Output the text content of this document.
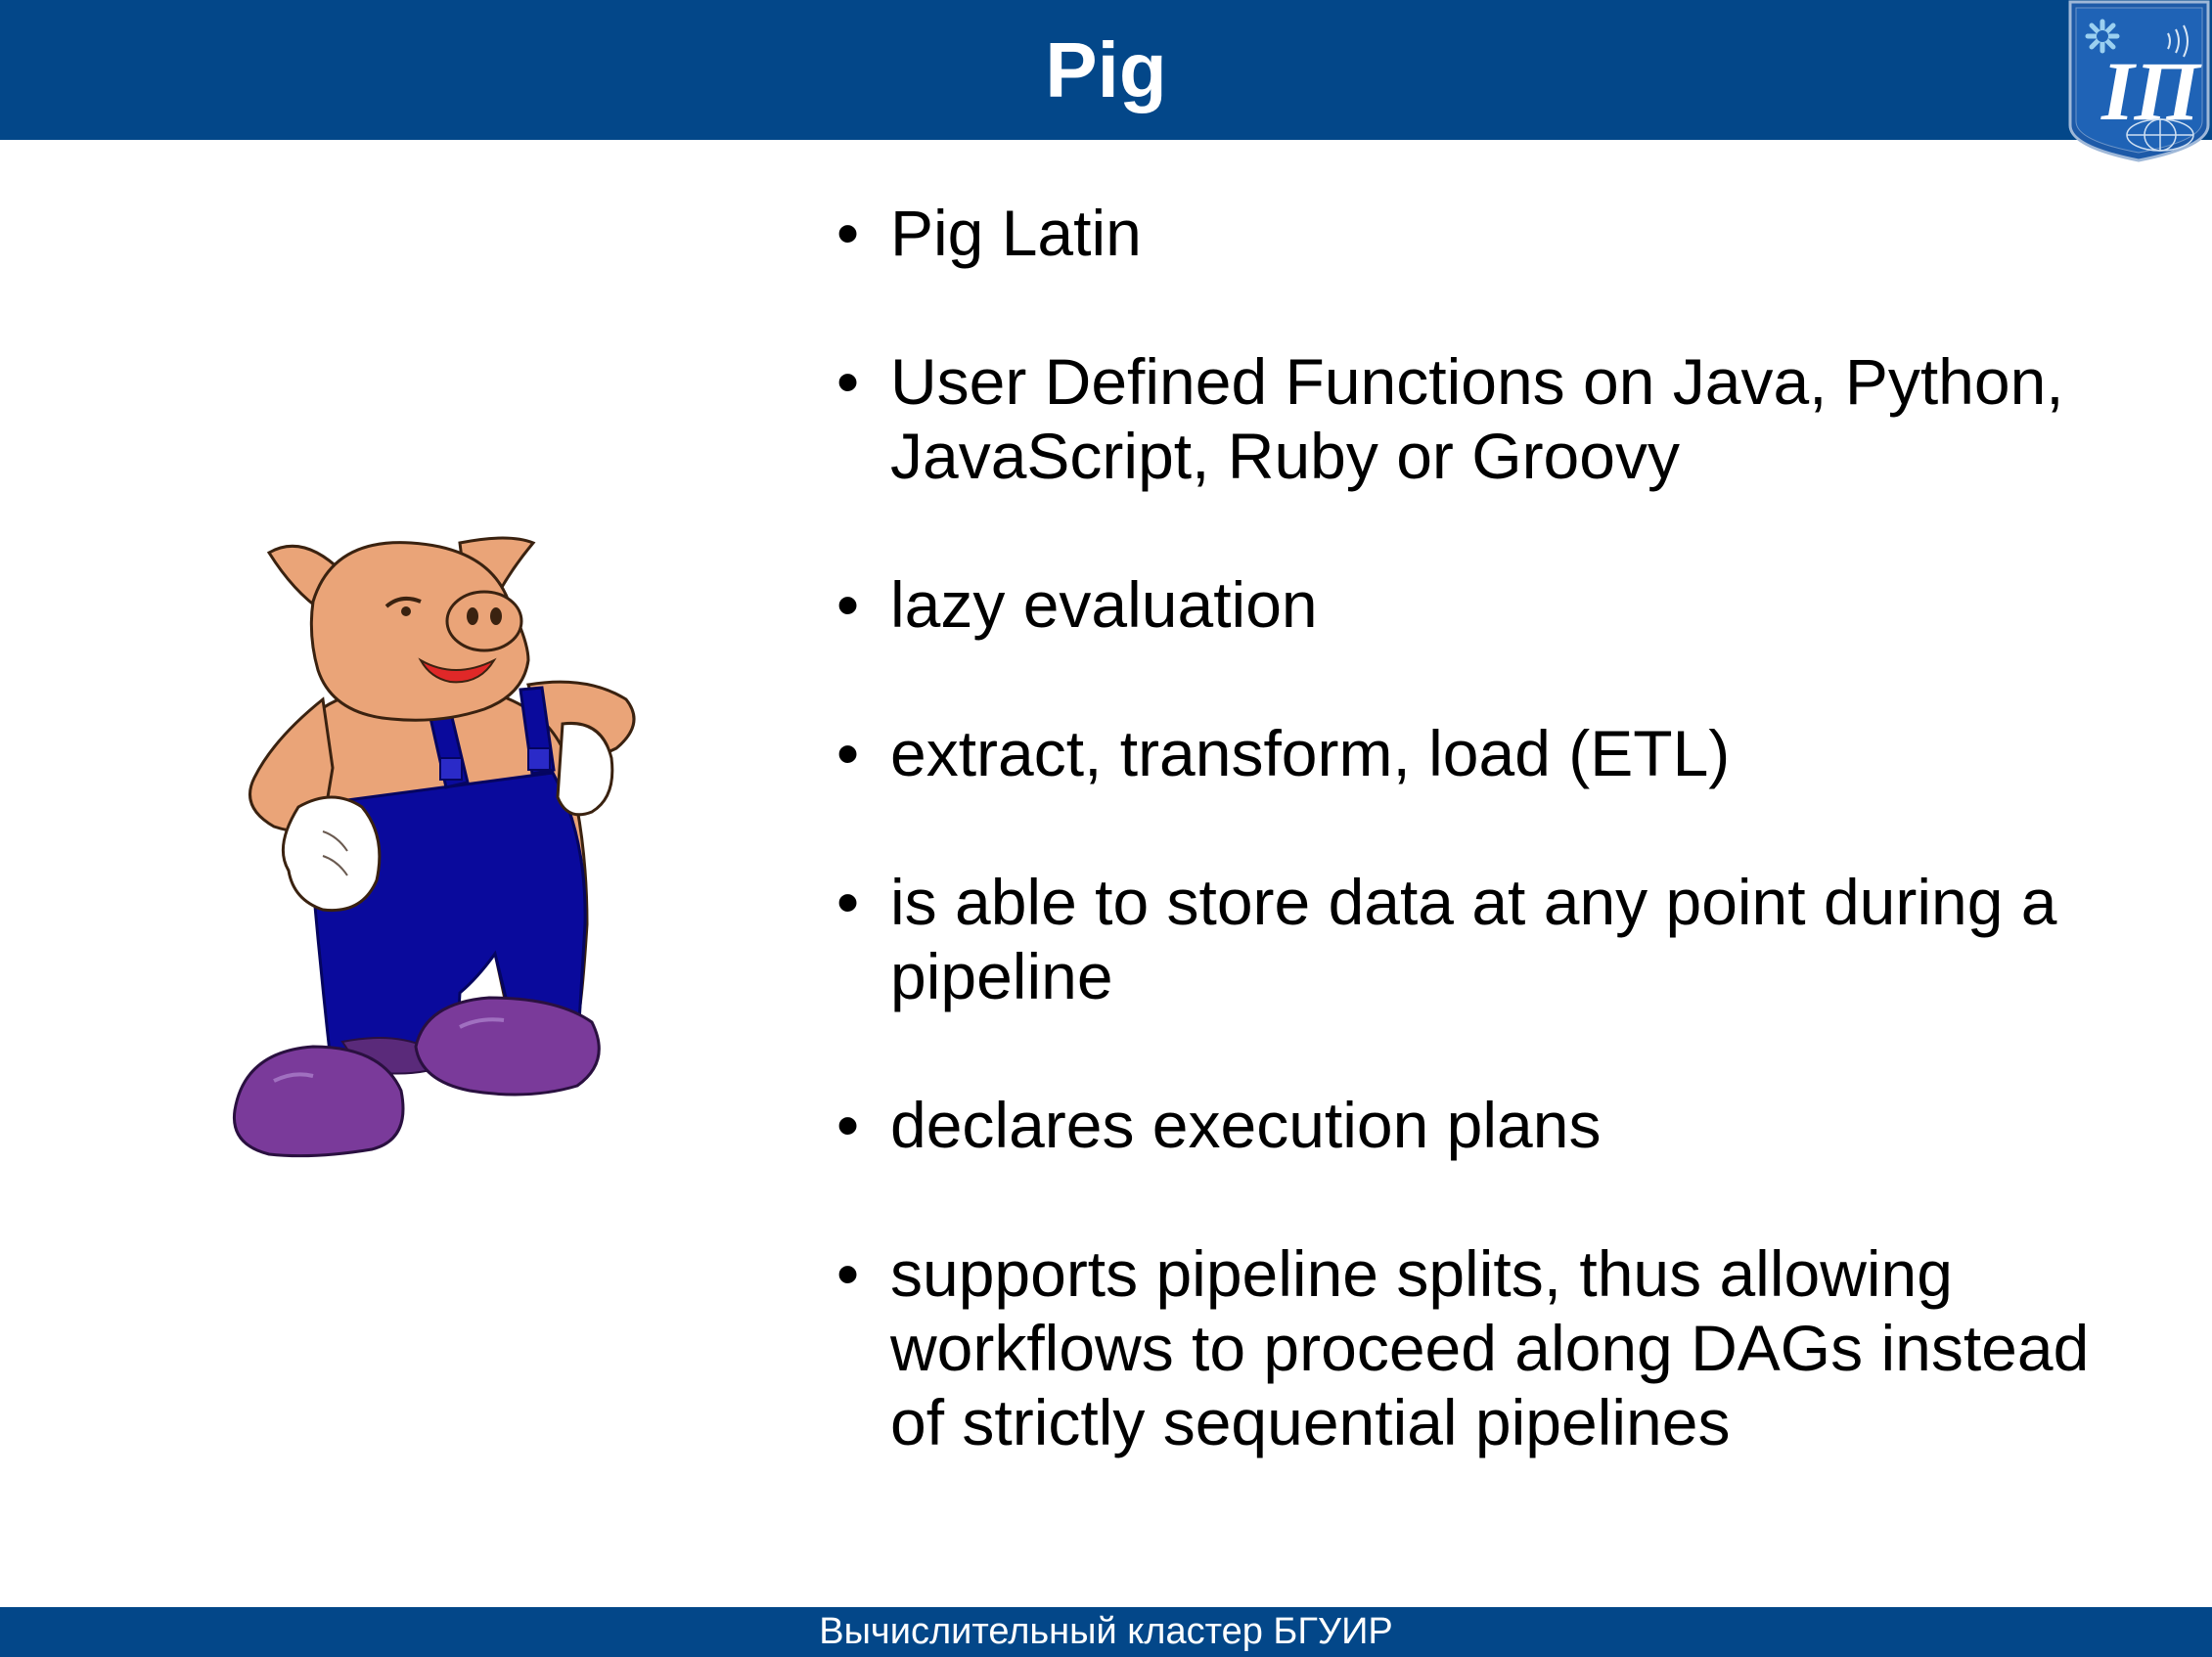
Pig	ІП
• Pig Latin
• User Defined Functions on Java, Python, JavaScript, Ruby or Groovy
• lazy evaluation
• extract, transform, load (ETL)
• is able to store data at any point during a pipeline
• declares execution plans
• supports pipeline splits, thus allowing workflows to proceed along DAGs instead of strictly sequential pipelines
Вычислительный кластер БГУИР
